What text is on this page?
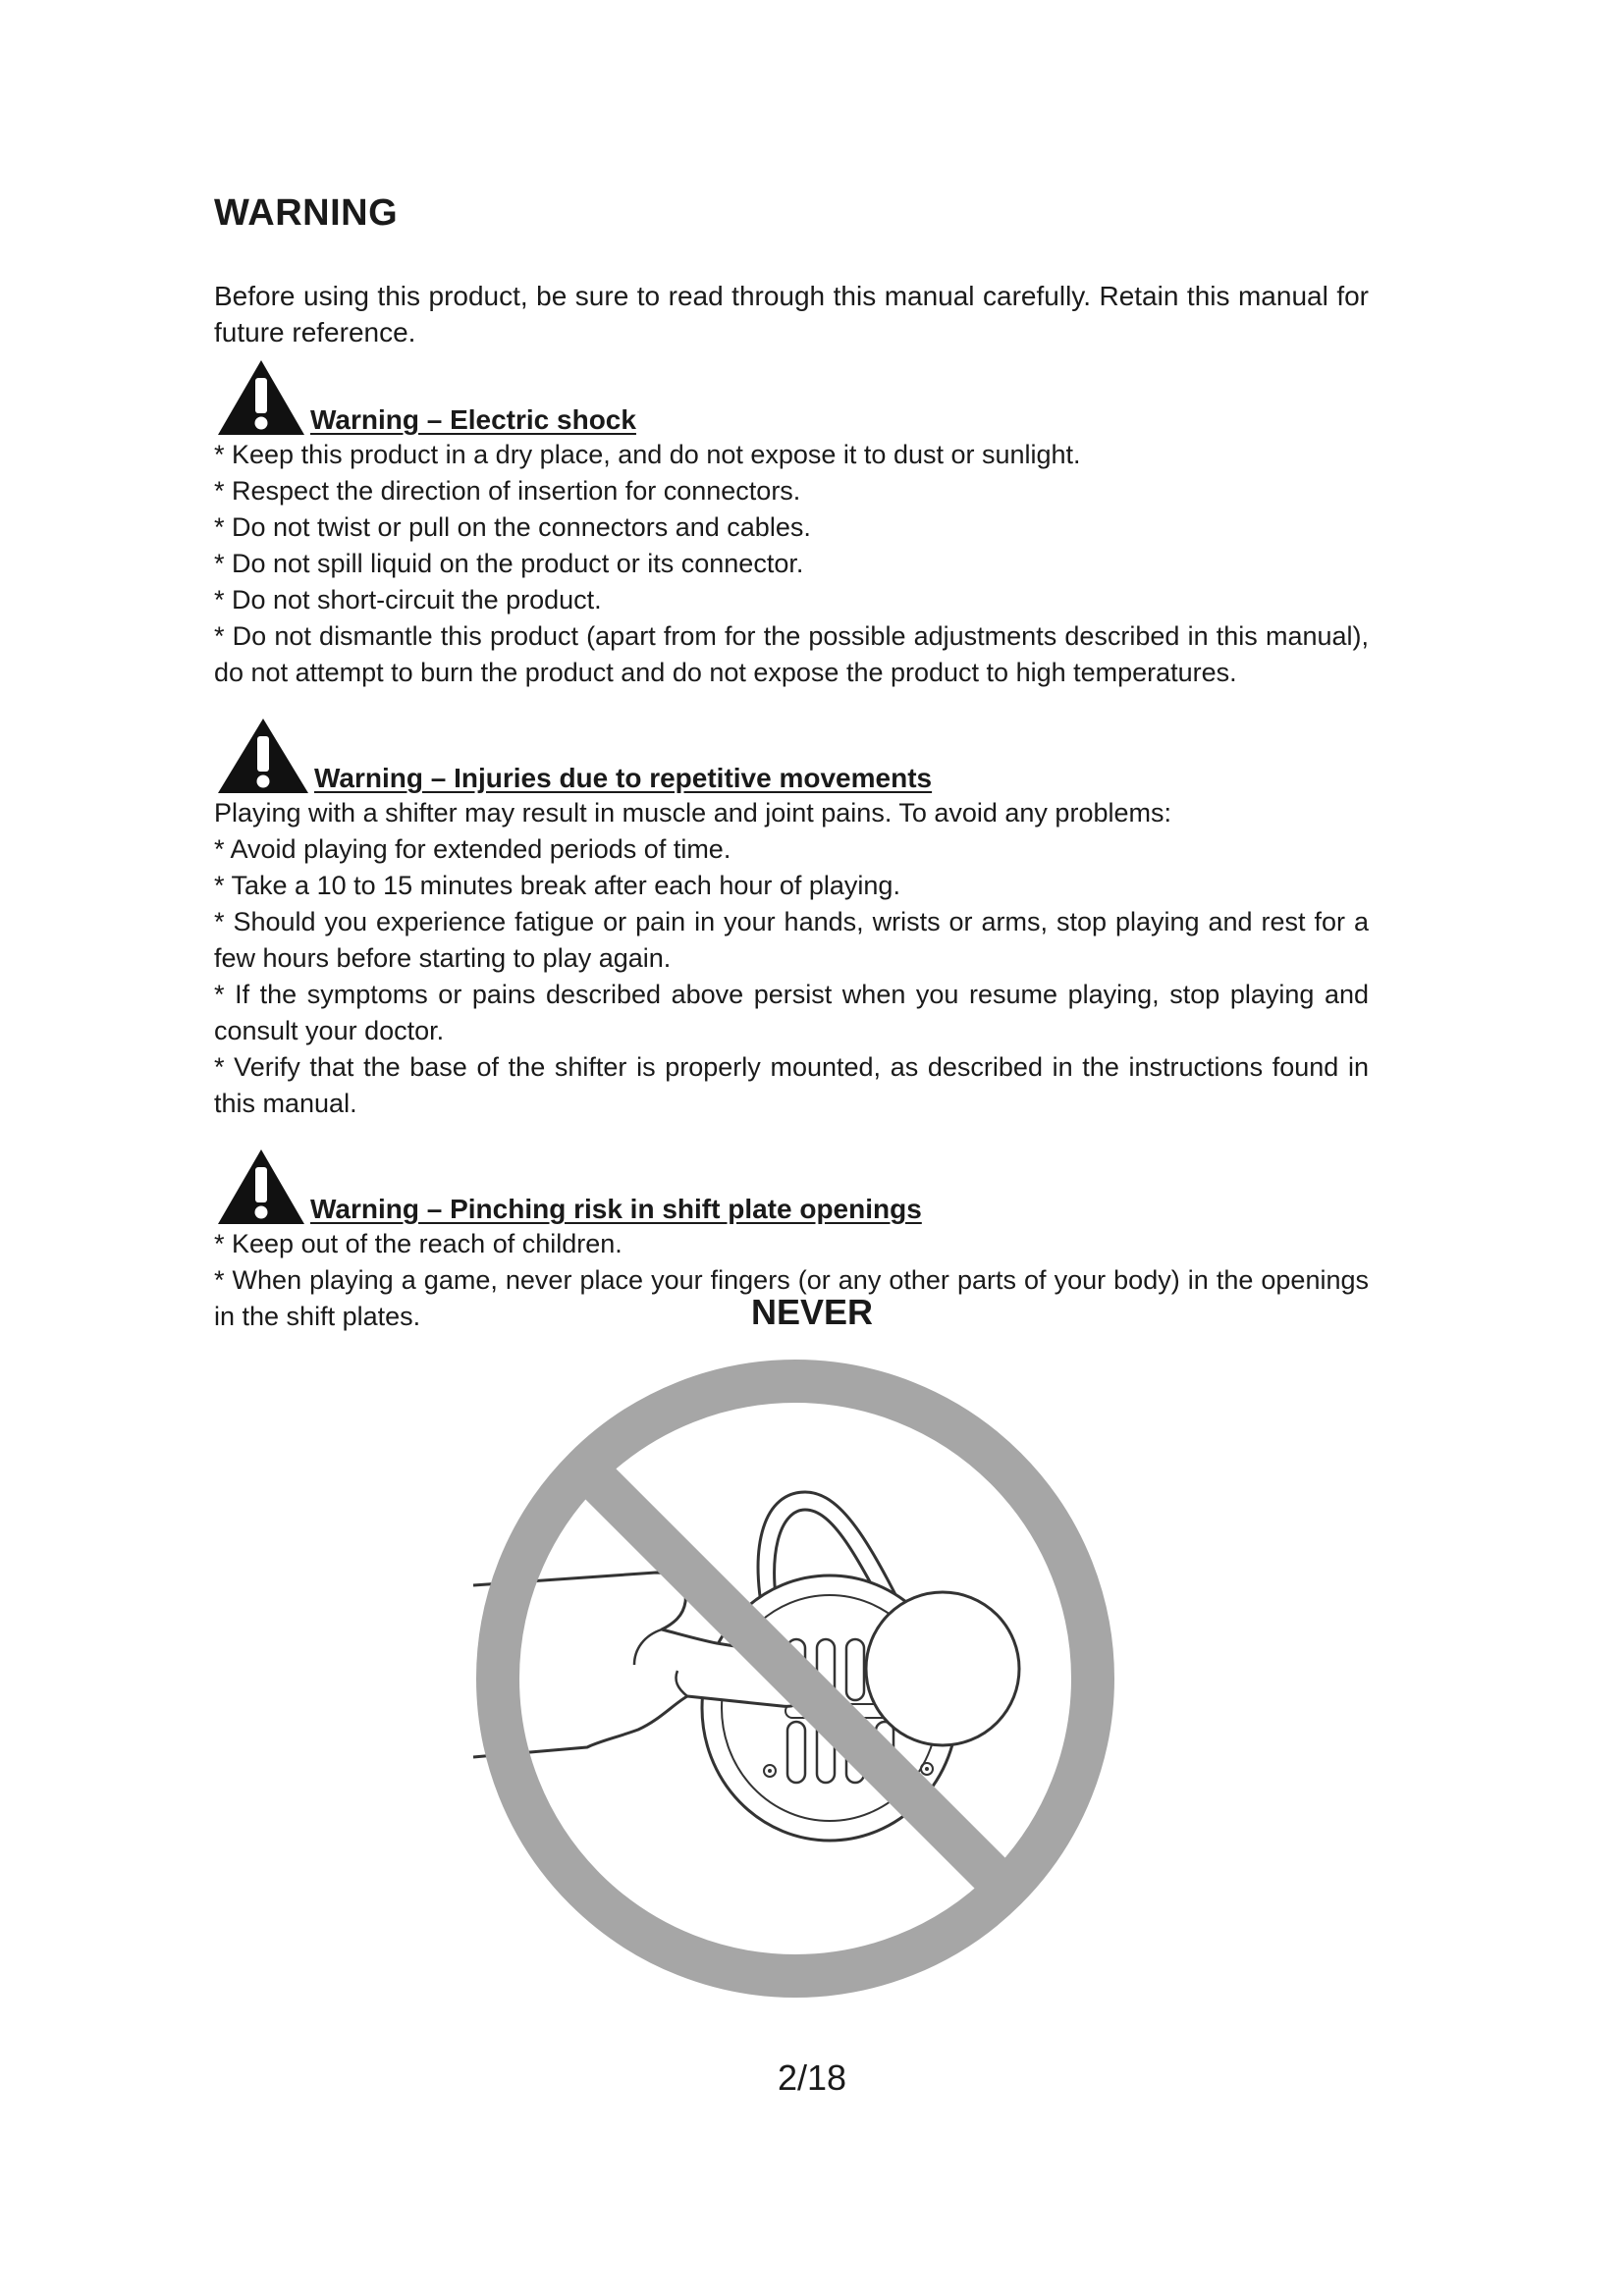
WARNING

Before using this product, be sure to read through this manual carefully. Retain this manual for future reference.

Warning – Electric shock

* Keep this product in a dry place, and do not expose it to dust or sunlight.

* Respect the direction of insertion for connectors.

* Do not twist or pull on the connectors and cables.

* Do not spill liquid on the product or its connector.

* Do not short-circuit the product.

* Do not dismantle this product (apart from for the possible adjustments described in this manual), do not attempt to burn the product and do not expose the product to high temperatures.

Warning – Injuries due to repetitive movements

Playing with a shifter may result in muscle and joint pains. To avoid any problems:

* Avoid playing for extended periods of time.

* Take a 10 to 15 minutes break after each hour of playing.

* Should you experience fatigue or pain in your hands, wrists or arms, stop playing and rest for a few hours before starting to play again.

* If the symptoms or pains described above persist when you resume playing, stop playing and consult your doctor.

* Verify that the base of the shifter is properly mounted, as described in the instructions found in this manual.

Warning – Pinching risk in shift plate openings

* Keep out of the reach of children.

* When playing a game, never place your fingers (or any other parts of your body) in the openings in the shift plates.	NEVER

2/18
